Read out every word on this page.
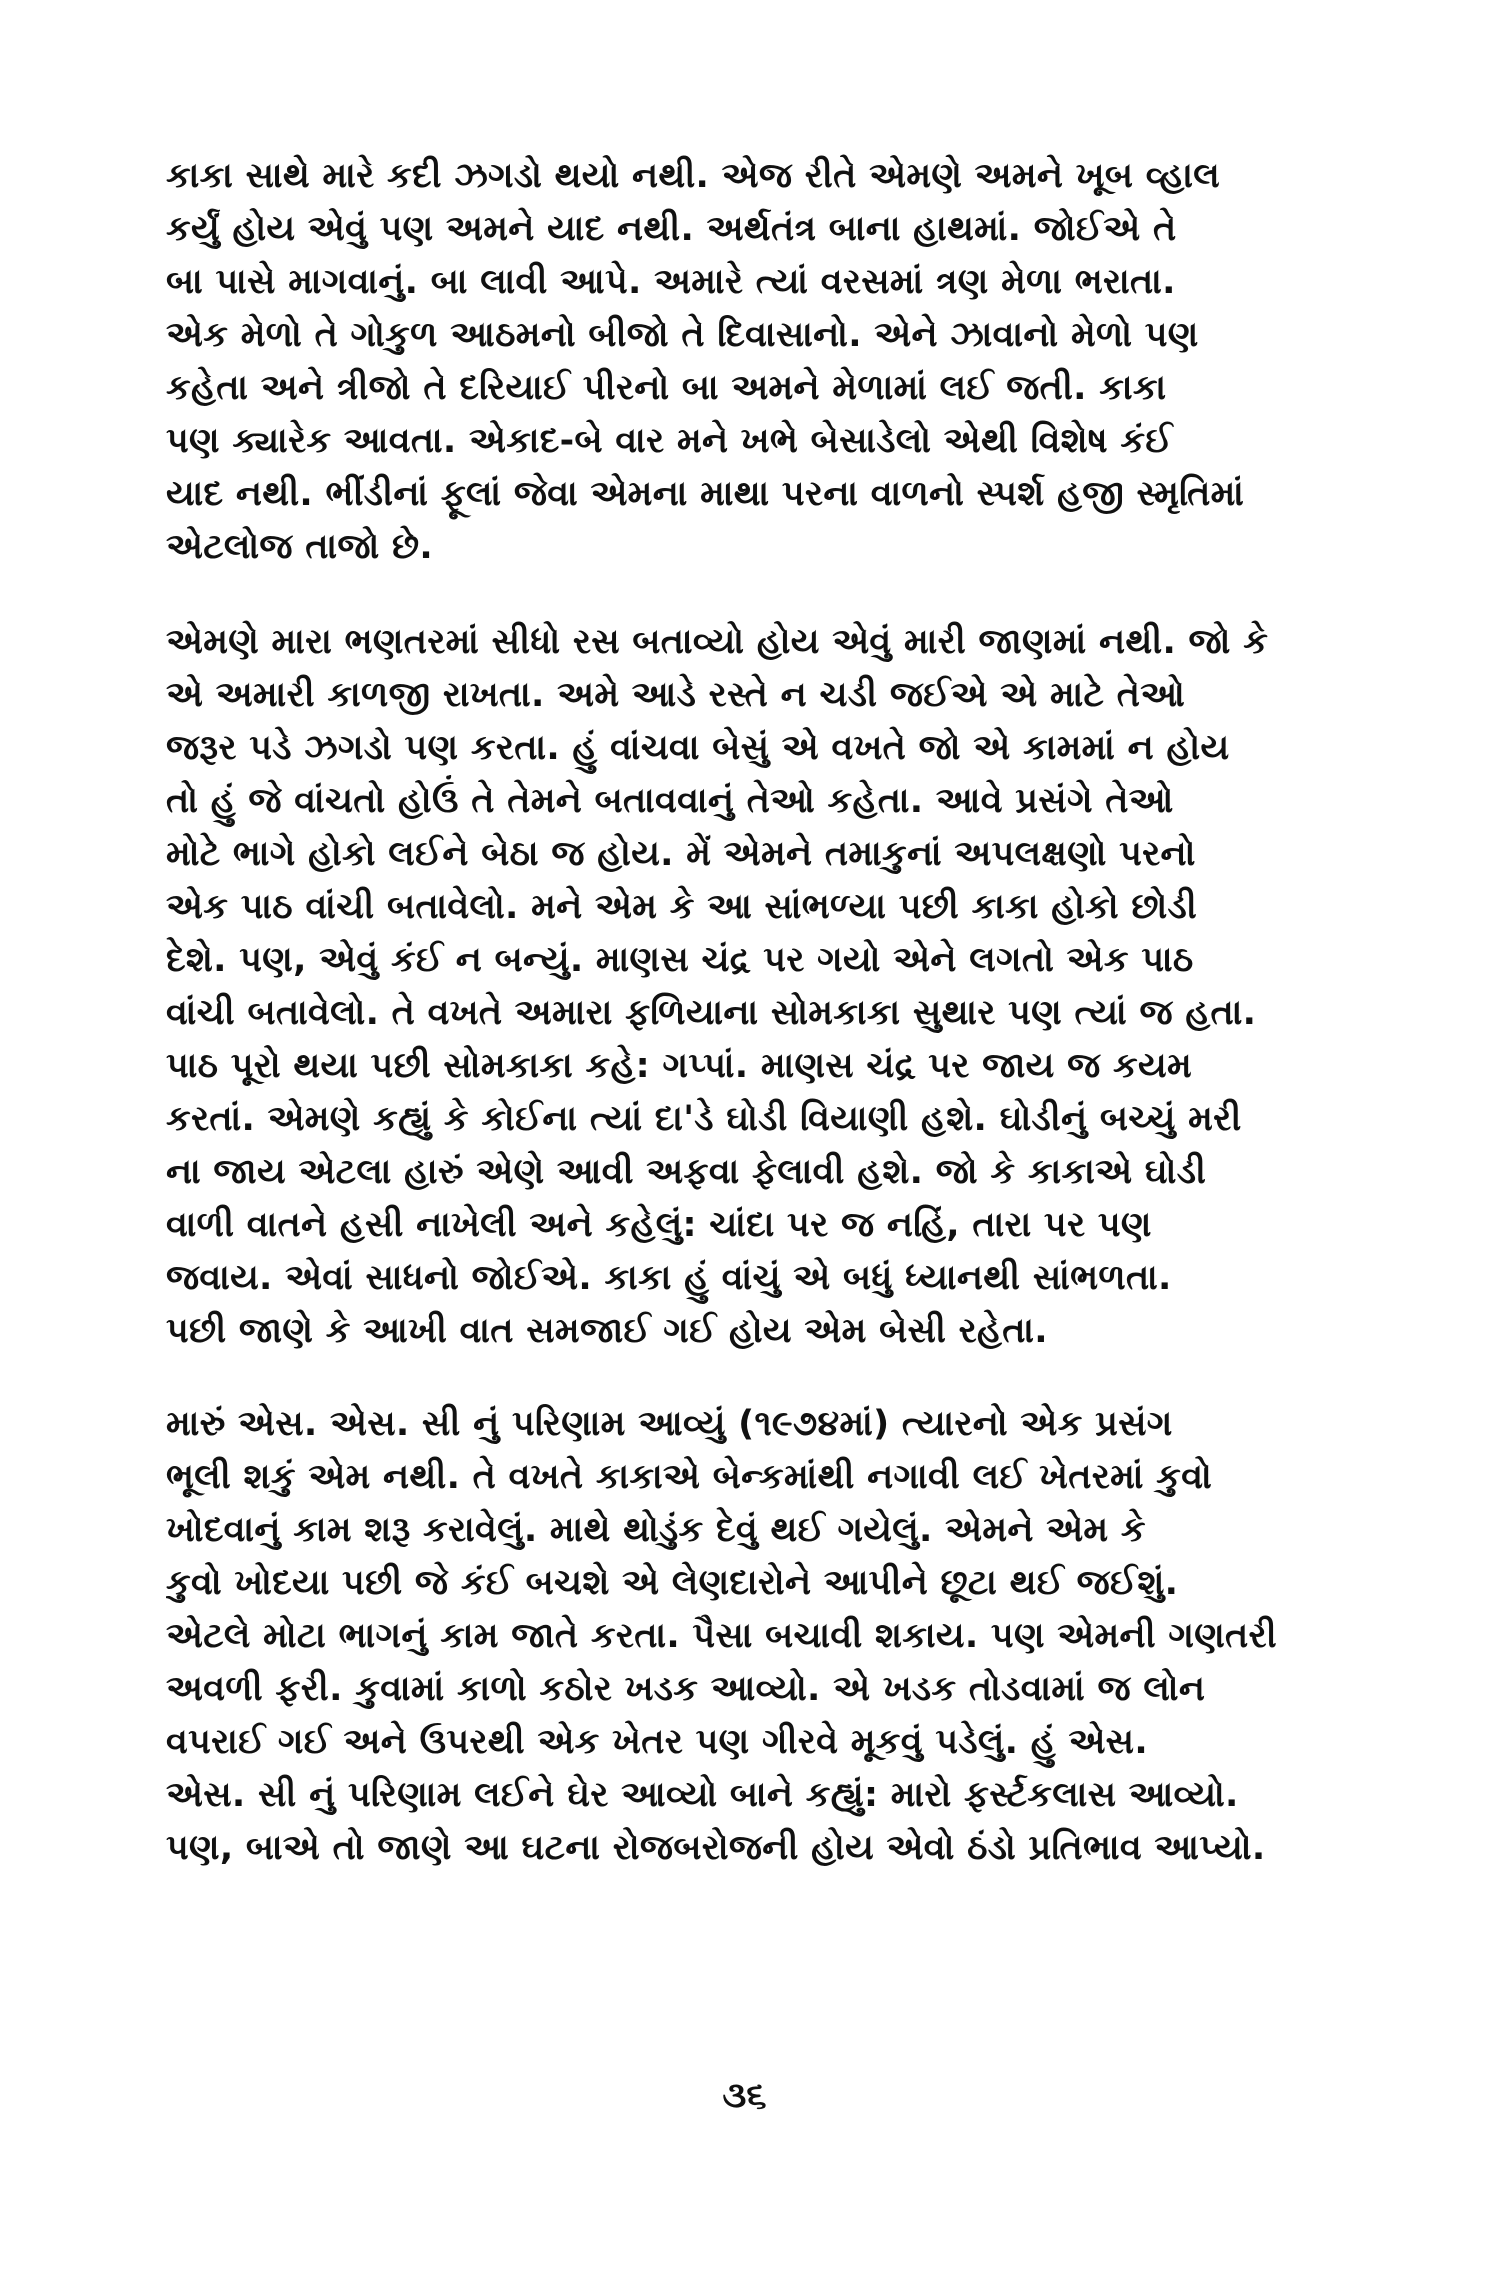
કાકા સાથે મારે કદી ઝગડો થયો નથી. એજ રીતે એમણે અમને ખૂબ વ્હાલ
કર્યું હોય એવું પણ અમને યાદ નથી. અર્થતંત્ર બાના હાથમાં. જોઈએ તે
બા પાસે માગવાનું. બા લાવી આપે. અમારે ત્યાં વરસમાં ત્રણ મેળા ભરાતા.
એક મેળો તે ગોકુળ આઠમનો બીજો તે દિવાસાનો. એને ઝાવાનો મેળો પણ
કહેતા અને ત્રીજો તે દરિયાઈ પીરનો બા અમને મેળામાં લઈ જતી. કાકા
પણ ક્યારેક આવતા. એકાદ-બે વાર મને ખભે બેસાડેલો એથી વિશેષ કંઈ
યાદ નથી. ભીંડીનાં ફૂલાં જેવા એમના માથા પરના વાળનો સ્પર્શ હજી સ્મૃતિમાં
એટલોજ તાજો છે.
એમણે મારા ભણતરમાં સીધો રસ બતાવ્યો હોય એવું મારી જાણમાં નથી. જો કે
એ અમારી કાળજી રાખતા. અમે આડે રસ્તે ન ચડી જઈએ એ માટે તેઓ
જરૂર પડે ઝગડો પણ કરતા. હું વાંચવા બેસું એ વખતે જો એ કામમાં ન હોય
તો હું જે વાંચતો હોઉં તે તેમને બતાવવાનું તેઓ કહેતા. આવે પ્રસંગે તેઓ
મોટે ભાગે હોકો લઈને બેઠા જ હોય. મેં એમને તમાકુનાં અપલક્ષણો પરનો
એક પાઠ વાંચી બતાવેલો. મને એમ કે આ સાંભળ્યા પછી કાકા હોકો છોડી
દેશે. પણ, એવું કંઈ ન બન્યું. માણસ ચંદ્ર પર ગયો એને લગતો એક પાઠ
વાંચી બતાવેલો. તે વખતે અમારા ફળિયાના સોમકાકા સુથાર પણ ત્યાં જ હતા.
પાઠ પૂરો થયા પછી સોમકાકા કહે: ગપ્પાં. માણસ ચંદ્ર પર જાય જ કયમ
કરતાં. એમણે કહ્યું કે કોઈના ત્યાં દા'ડે ઘોડી વિયાણી હશે. ઘોડીનું બચ્ચું મરી
ના જાય એટલા હારું એણે આવી અફવા ફેલાવી હશે. જો કે કાકાએ ઘોડી
વાળી વાતને હસી નાખેલી અને કહેલું: ચાંદા પર જ નહિં, તારા પર પણ
જવાય. એવાં સાધનો જોઈએ. કાકા હું વાંચું એ બધું ધ્યાનથી સાંભળતા.
પછી જાણે કે આખી વાત સમજાઈ ગઈ હોય એમ બેસી રહેતા.
મારું એસ. એસ. સી નું પરિણામ આવ્યું (૧૯૭૪માં) ત્યારનો એક પ્રસંગ
ભૂલી શકું એમ નથી. તે વખતે કાકાએ બેન્કમાંથી નગાવી લઈ ખેતરમાં કુવો
ખોદવાનું કામ શરૂ કરાવેલું. માથે થોડુંક દેવું થઈ ગયેલું. એમને એમ કે
કુવો ખોદયા પછી જે કંઈ બચશે એ લેણદારોને આપીને છૂટા થઈ જઈશું.
એટલે મોટા ભાગનું કામ જાતે કરતા. પૈસા બચાવી શકાય. પણ એમની ગણતરી
અવળી ફરી. કુવામાં કાળો કઠોર ખડક આવ્યો. એ ખડક તોડવામાં જ લોન
વપરાઈ ગઈ અને ઉપરથી એક ખેતર પણ ગીરવે મૂકવું પડેલું. હું એસ.
એસ. સી નું પરિણામ લઈને ઘેર આવ્યો બાને કહ્યું: મારો ફર્સ્ટકલાસ આવ્યો.
પણ, બાએ તો જાણે આ ઘટના રોજબરોજની હોય એવો ઠંડો પ્રતિભાવ આપ્યો.
૩૬
